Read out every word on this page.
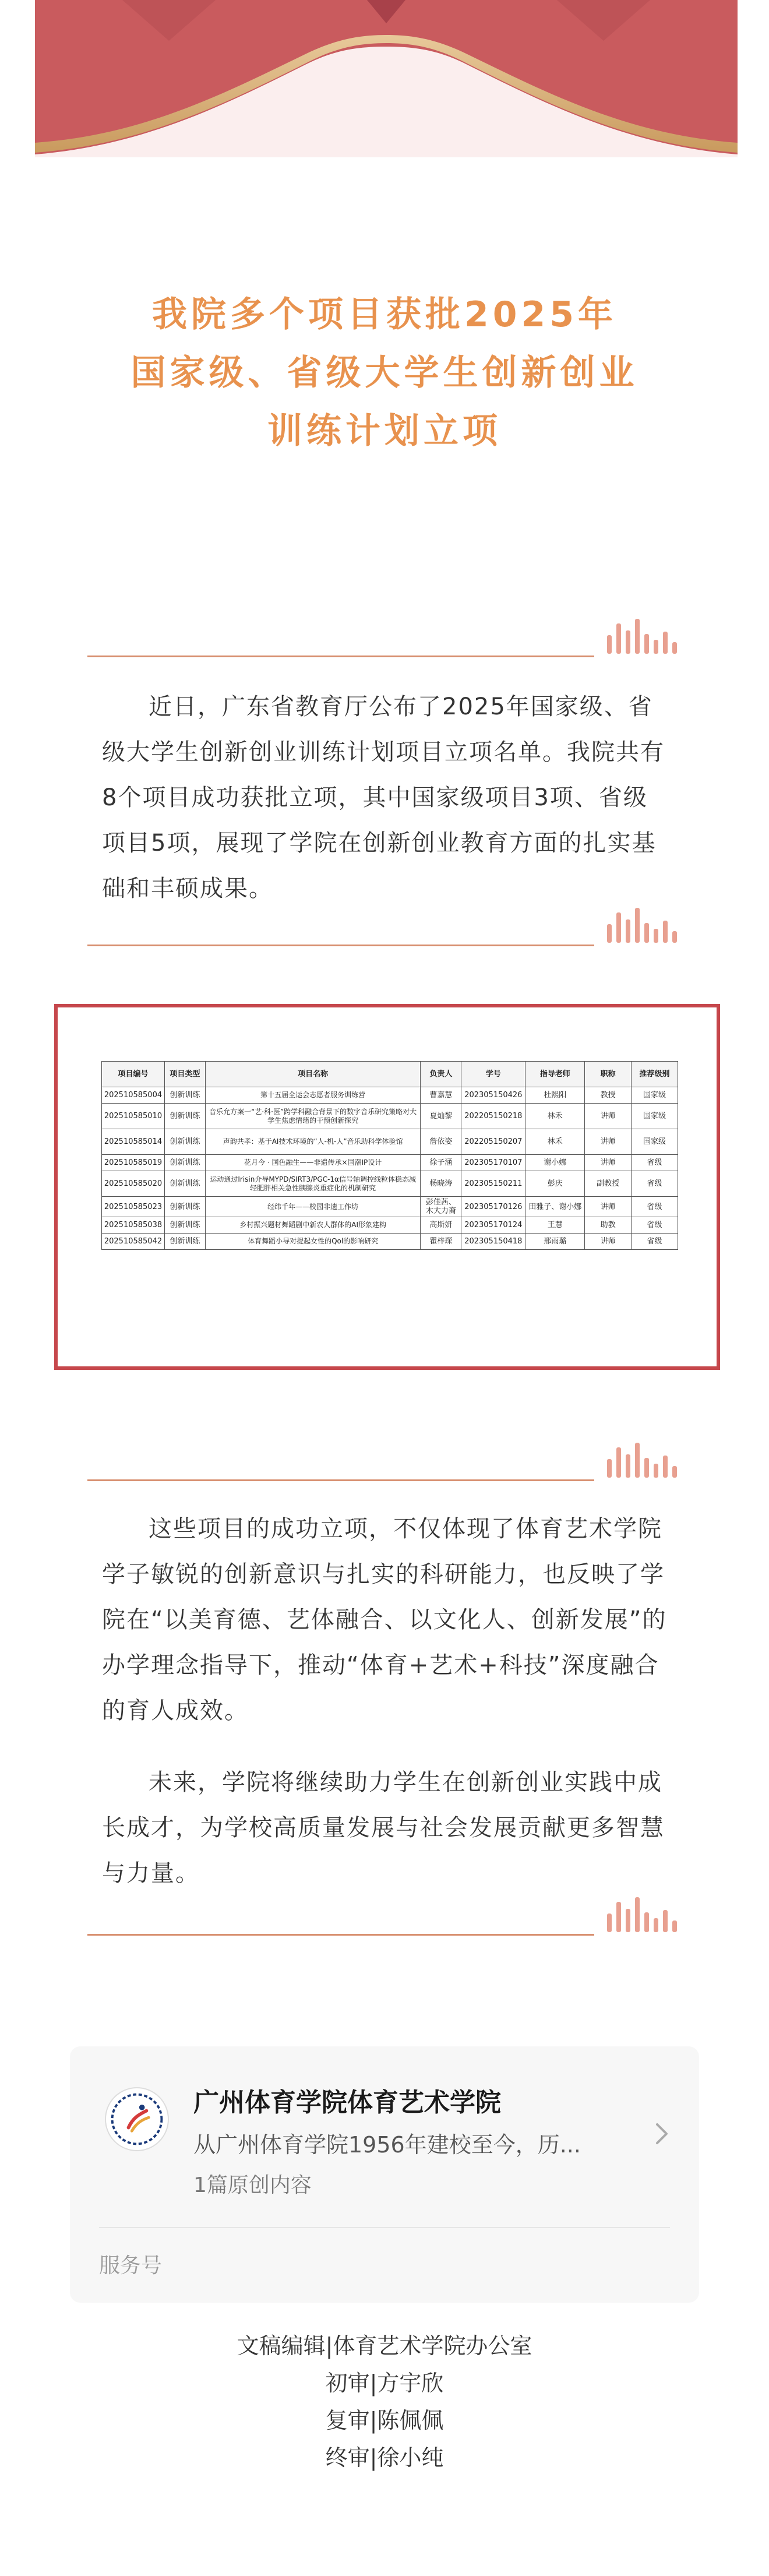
我院多个项目获批2025年
国家级、省级大学生创新创业
训练计划立项

近日，广东省教育厅公布了2025年国家级、省级大学生创新创业训练计划项目立项名单。我院共有8个项目成功获批立项，其中国家级项目3项、省级项目5项，展现了学院在创新创业教育方面的扎实基础和丰硕成果。

项目编号	项目类型	项目名称	负责人	学号	指导老师	职称	推荐级别
202510585004	创新训练	第十五届全运会志愿者服务训练营	曹嘉慧	2023051504​26	杜熙阳	教授	国家级
202510585010	创新训练	音乐允方案一“艺·科·医”跨学科融合背景下的数字音乐研究策略对大学生焦虑情绪的干预创新探究	夏灿黎	2022051502​18	林禾	讲师	国家级
202510585014	创新训练	声韵共孝：基于AI技术环境的“人-机-人”音乐助科学体验馆	詹依姿	2022051502​07	林禾	讲师	国家级
202510585019	创新训练	花月今 · 国色融生——非遗传承×国潮IP设计	徐子涵	2023051701​07	谢小娜	讲师	省级
202510585020	创新训练	运动通过Irisin介导MYPD/SIRT3/PGC-1α信号轴调控线粒体稳态减轻肥胖相关急性胰腺炎重症化的机制研究	杨晓涛	2023051502​11	彭庆	副教授	省级
202510585023	创新训练	经纬千年——校园非遗工作坊	彭佳茜、木大力裔	2023051701​26	田雅子、谢小娜	讲师	省级
202510585038	创新训练	乡村振兴题材舞蹈剧中新农人群体的AI形象建构	高斯妍	2023051701​24	王慧	助教	省级
202510585042	创新训练	体育舞蹈小导对提起女性的Qol的影响研究	瞿梓琛	2023051504​18	邢雨璐	讲师	省级

这些项目的成功立项，不仅体现了体育艺术学院学子敏锐的创新意识与扎实的科研能力，也反映了学院在“以美育德、艺体融合、以文化人、创新发展”的办学理念指导下，推动“体育+艺术+科技”深度融合的育人成效。

未来，学院将继续助力学生在创新创业实践中成长成才，为学校高质量发展与社会发展贡献更多智慧与力量。

广州体育学院体育艺术学院
从广州体育学院1956年建校至今，历...
1篇原创内容
服务号
文稿编辑|体育艺术学院办公室
初审|方宇欣
复审|陈佩佩
终审|徐小纯
